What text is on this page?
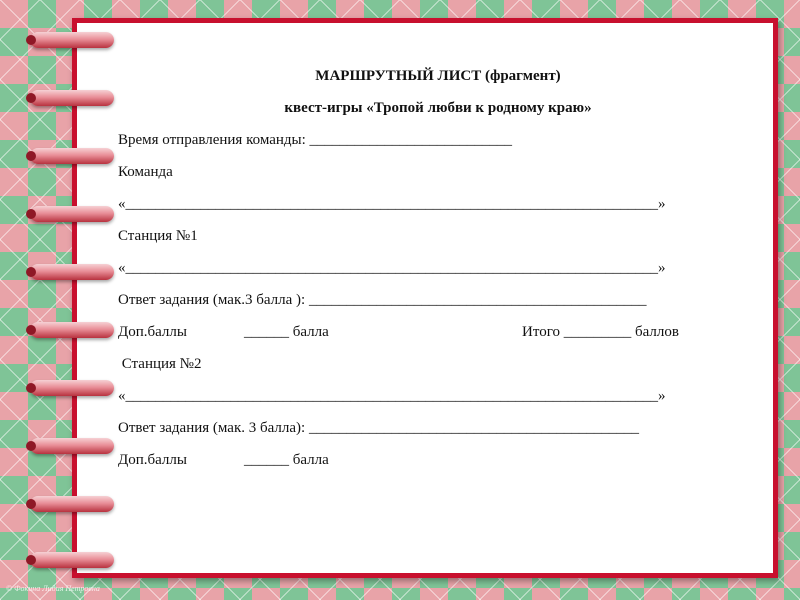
МАРШРУТНЫЙ ЛИСТ (фрагмент)
квест-игры «Тропой любви к родному краю»
Время отправления команды: ___________________________
Команда
«_______________________________________________________________________»
Станция №1
«_______________________________________________________________________»
Ответ задания (мак.3 балла ): _____________________________________________
Доп.баллы	______ балла	Итого _________ баллов
Станция №2
«_______________________________________________________________________»
Ответ задания (мак. 3 балла): ____________________________________________
Доп.баллы	______ балла
© Фокина Лидия Петровна
